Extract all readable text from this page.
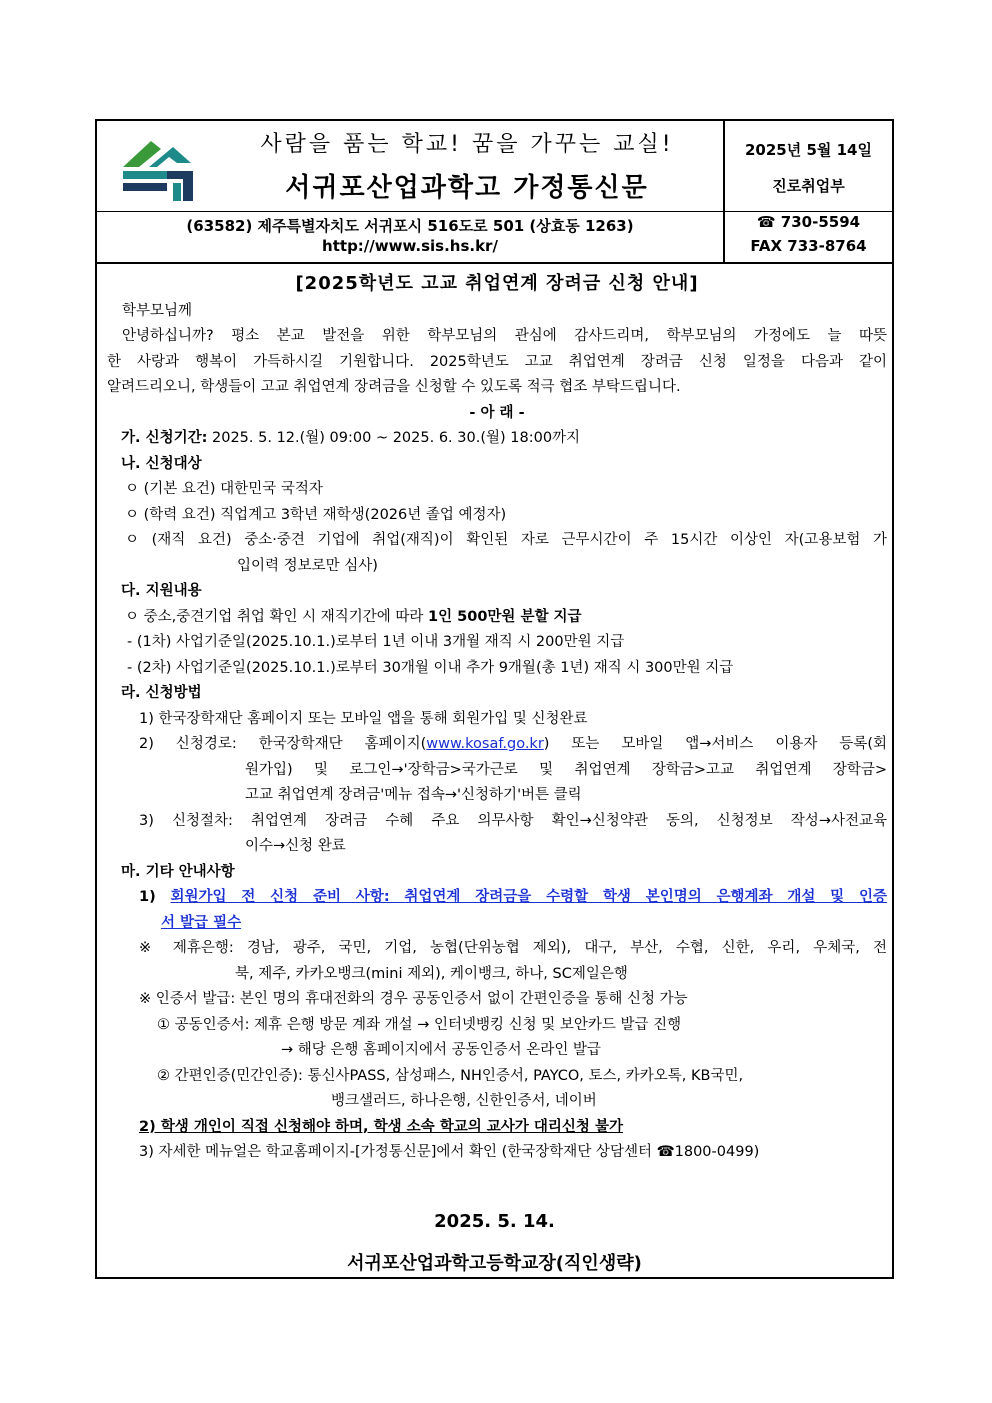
사람을 품는 학교! 꿈을 가꾸는 교실!
서귀포산업과학고 가정통신문
(63582) 제주특별자치도 서귀포시 516도로 501 (상효동 1263)
http://www.sis.hs.kr/
2025년 5월 14일
진로취업부
☎ 730-5594
FAX 733-8764
[2025학년도 고교 취업연계 장려금 신청 안내]
학부모님께
안녕하십니까? 평소 본교 발전을 위한 학부모님의 관심에 감사드리며, 학부모님의 가정에도 늘 따뜻
한 사랑과 행복이 가득하시길 기원합니다. 2025학년도 고교 취업연계 장려금 신청 일정을 다음과 같이
알려드리오니, 학생들이 고교 취업연계 장려금을 신청할 수 있도록 적극 협조 부탁드립니다.
- 아 래 -
가. 신청기간: 2025. 5. 12.(월) 09:00 ~ 2025. 6. 30.(월) 18:00까지
나. 신청대상
ㅇ (기본 요건) 대한민국 국적자
ㅇ (학력 요건) 직업계고 3학년 재학생(2026년 졸업 예정자)
ㅇ (재직 요건) 중소·중견 기업에 취업(재직)이 확인된 자로 근무시간이 주 15시간 이상인 자(고용보험 가
입이력 정보로만 심사)
다. 지원내용
ㅇ 중소,중견기업 취업 확인 시 재직기간에 따라 1인 500만원 분할 지급
- (1차) 사업기준일(2025.10.1.)로부터 1년 이내 3개월 재직 시 200만원 지급
- (2차) 사업기준일(2025.10.1.)로부터 30개월 이내 추가 9개월(총 1년) 재직 시 300만원 지급
라. 신청방법
1) 한국장학재단 홈페이지 또는 모바일 앱을 통해 회원가입 및 신청완료
2) 신청경로: 한국장학재단 홈페이지(www.kosaf.go.kr) 또는 모바일 앱→서비스 이용자 등록(회
원가입) 및 로그인→'장학금>국가근로 및 취업연계 장학금>고교 취업연계 장학금>
고교 취업연계 장려금'메뉴 접속→'신청하기'버튼 클릭
3) 신청절차: 취업연계 장려금 수혜 주요 의무사항 확인→신청약관 동의, 신청정보 작성→사전교육
이수→신청 완료
마. 기타 안내사항
1) 회원가입 전 신청 준비 사항: 취업연계 장려금을 수령할 학생 본인명의 은행계좌 개설 및 인증
서 발급 필수
※ 제휴은행: 경남, 광주, 국민, 기업, 농협(단위농협 제외), 대구, 부산, 수협, 신한, 우리, 우체국, 전
북, 제주, 카카오뱅크(mini 제외), 케이뱅크, 하나, SC제일은행
※ 인증서 발급: 본인 명의 휴대전화의 경우 공동인증서 없이 간편인증을 통해 신청 가능
① 공동인증서: 제휴 은행 방문 계좌 개설 → 인터넷뱅킹 신청 및 보안카드 발급 진행
→ 해당 은행 홈페이지에서 공동인증서 온라인 발급
② 간편인증(민간인증): 통신사PASS, 삼성패스, NH인증서, PAYCO, 토스, 카카오톡, KB국민,
뱅크샐러드, 하나은행, 신한인증서, 네이버
2) 학생 개인이 직접 신청해야 하며, 학생 소속 학교의 교사가 대리신청 불가
3) 자세한 메뉴얼은 학교홈페이지-[가정통신문]에서 확인 (한국장학재단 상담센터 ☎1800-0499)
2025. 5. 14.
서귀포산업과학고등학교장(직인생략)
